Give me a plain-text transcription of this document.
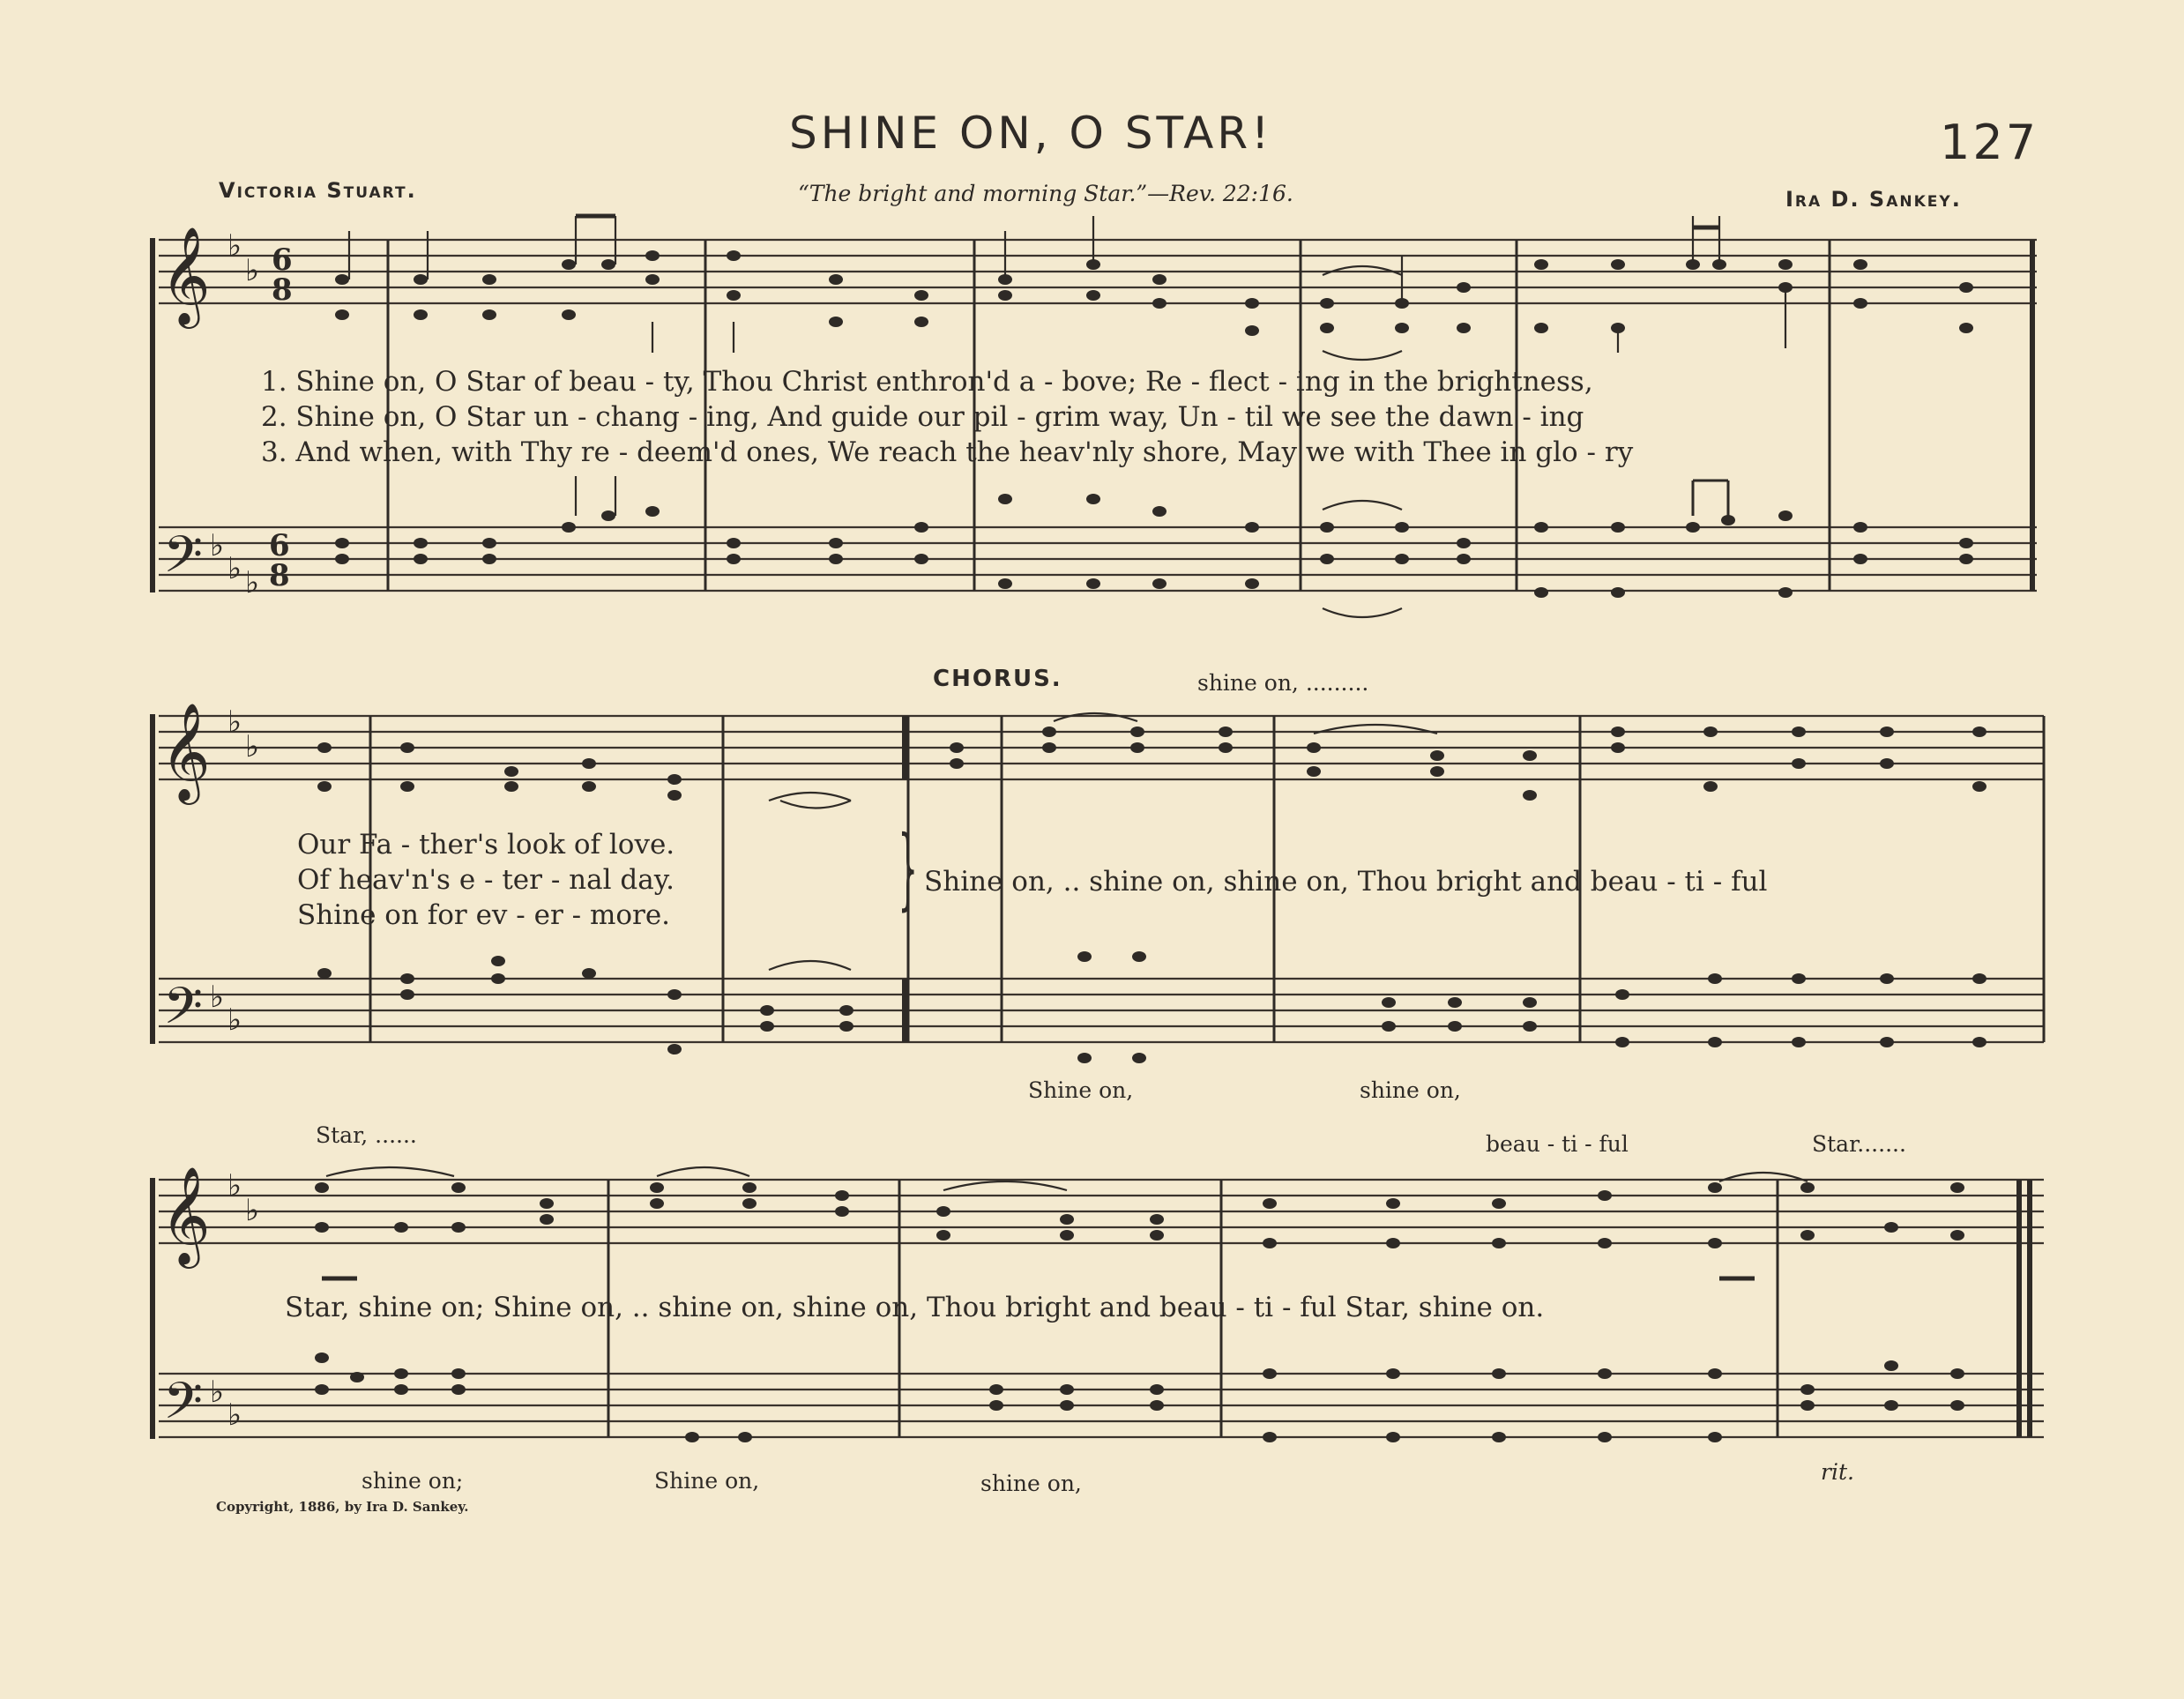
SHINE ON, O STAR!	127
Victoria Stuart.	“The bright and morning Star.”—Rev. 22:16.	Ira D. Sankey.
𝄞
𝄢
𝄞
𝄢
𝄞
𝄢
♭
♭
♭
♭ ♭
♭
♭
♭
♭
♭
♭
♭
♭
6
8
6
8
1. Shine on, O Star of beau - ty, Thou Christ enthron'd a - bove; Re - flect - ing in the brightness,
2. Shine on, O Star un - chang - ing, And guide our pil - grim way, Un - til we see the dawn - ing
3. And when, with Thy re - deem'd ones, We reach the heav'nly shore, May we with Thee in glo - ry
CHORUS.	shine on, .........
Our Fa - ther's look of love.
Of heav'n's e - ter - nal day.
Shine on for ev - er - more.	} Shine on, .. shine on, shine on, Thou bright and beau - ti - ful
Shine on,	shine on,
Star, ......	beau - ti - ful	Star.......
Star, shine on; Shine on, .. shine on, shine on, Thou bright and beau - ti - ful Star, shine on.
shine on;	Shine on,	shine on,	rit.
Copyright, 1886, by Ira D. Sankey.
